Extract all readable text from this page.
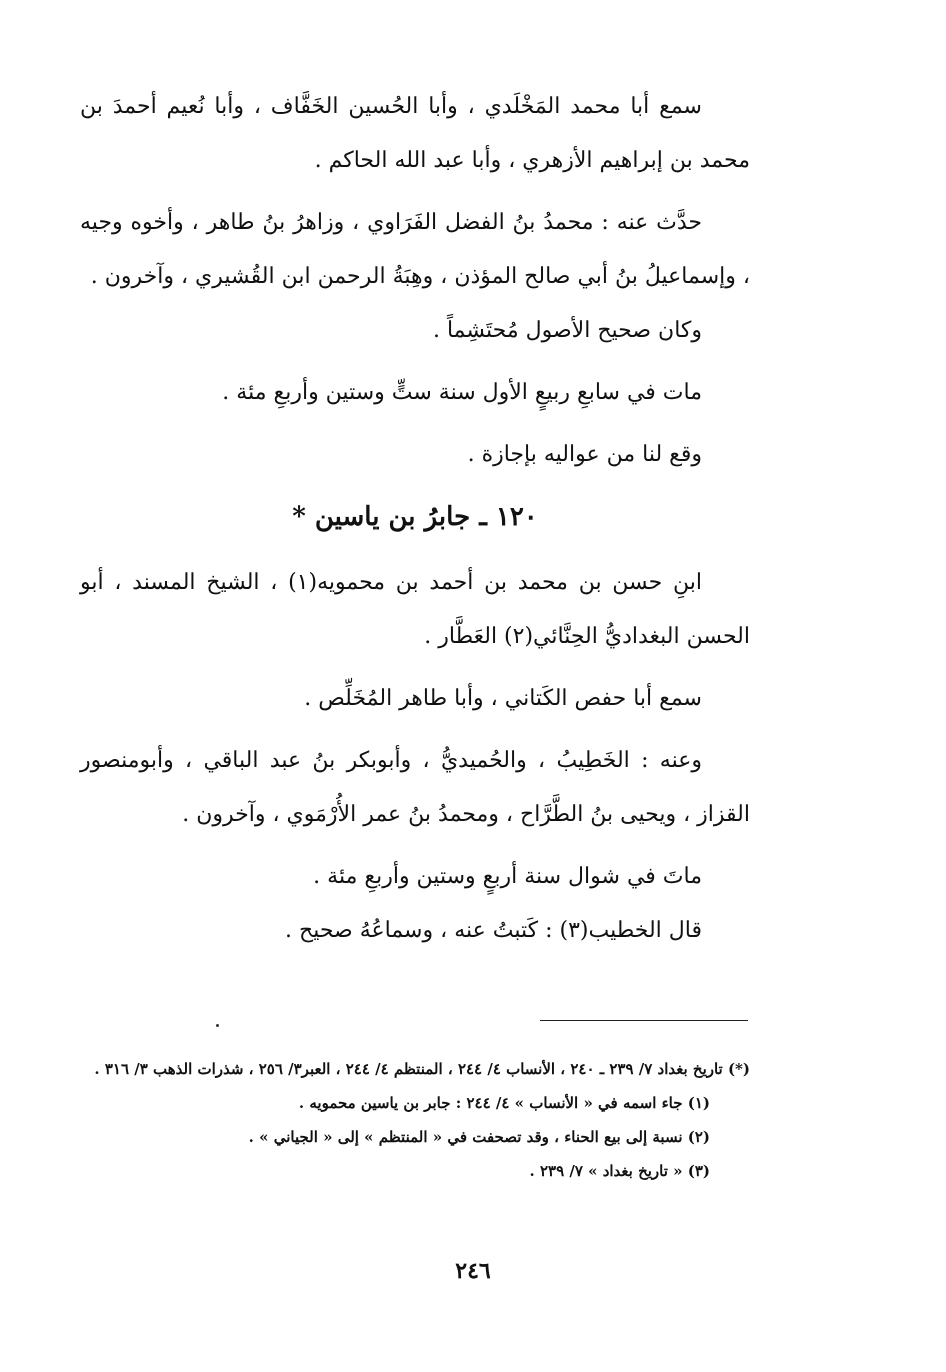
سمع أبا محمد المَخْلَدي ، وأبا الحُسين الخَفَّاف ، وأبا نُعيم أحمدَ بن محمد بن إبراهيم الأزهري ، وأبا عبد الله الحاكم .

حدَّث عنه : محمدُ بنُ الفضل الفَرَاوي ، وزاهرُ بنُ طاهر ، وأخوه وجيه ، وإسماعيلُ بنُ أبي صالح المؤذن ، وهِبَةُ الرحمن ابن القُشيري ، وآخرون .

وكان صحيح الأصول مُحتَشِماً .

مات في سابعِ ربيعٍ الأول سنة ستٍّ وستين وأربعِ مئة .

وقع لنا من عواليه بإجازة .

١٢٠ ـ جابرُ بن ياسين *

ابنِ حسن بن محمد بن أحمد بن محمويه(١) ، الشيخ المسند ، أبو الحسن البغداديُّ الحِنَّائي(٢) العَطَّار .

سمع أبا حفص الكَتاني ، وأبا طاهر المُخَلِّص .

وعنه : الخَطِيبُ ، والحُميديُّ ، وأبوبكر بنُ عبد الباقي ، وأبومنصور القزاز ، ويحيى بنُ الطَّرَّاح ، ومحمدُ بنُ عمر الأُرْمَوي ، وآخرون .

ماتَ في شوال سنة أربعٍ وستين وأربعِ مئة .

قال الخطيب(٣) : كَتبتُ عنه ، وسماعُهُ صحيح .

(*) تاريخ بغداد ٧/ ٢٣٩ ـ ٢٤٠ ، الأنساب ٤/ ٢٤٤ ، المنتظم ٤/ ٢٤٤ ، العبر٣/ ٢٥٦ ، شذرات الذهب ٣/ ٣١٦ .
(١) جاء اسمه في « الأنساب » ٤/ ٢٤٤ : جابر بن ياسين محمويه .
(٢) نسبة إلى بيع الحناء ، وقد تصحفت في « المنتظم » إلى « الجياني » .
(٣) « تاريخ بغداد » ٧/ ٢٣٩ .
٢٤٦
